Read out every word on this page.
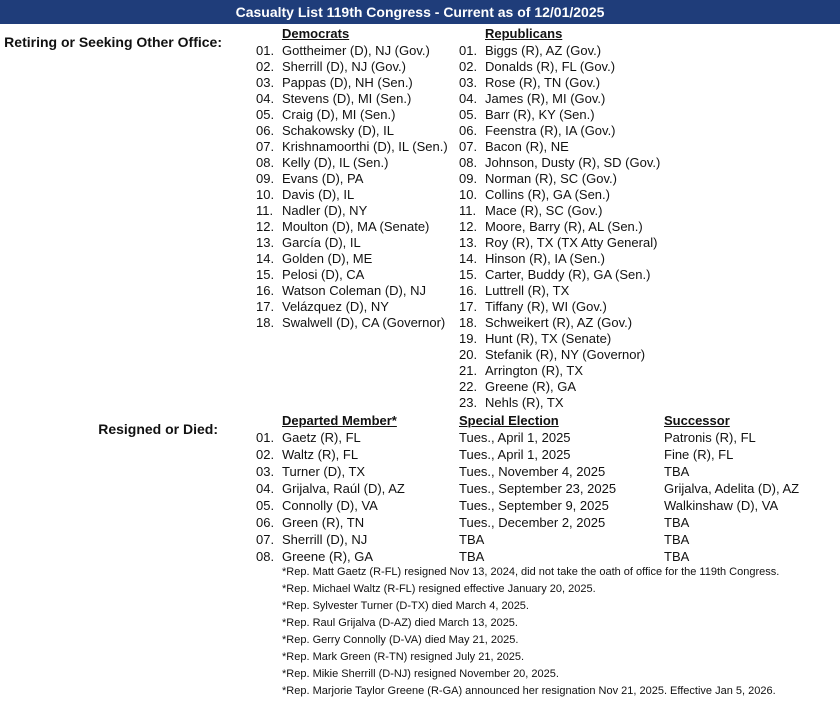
Casualty List 119th Congress - Current as of 12/01/2025
Retiring or Seeking Other Office:
Democrats	Republicans
01. Gottheimer (D), NJ (Gov.)
02. Sherrill (D), NJ (Gov.)
03. Pappas (D), NH (Sen.)
04. Stevens (D), MI (Sen.)
05. Craig (D), MI (Sen.)
06. Schakowsky (D), IL
07. Krishnamoorthi (D), IL (Sen.)
08. Kelly (D), IL (Sen.)
09. Evans (D), PA
10. Davis (D), IL
11. Nadler (D), NY
12. Moulton (D), MA (Senate)
13. García (D), IL
14. Golden (D), ME
15. Pelosi (D), CA
16. Watson Coleman (D), NJ
17. Velázquez (D), NY
18. Swalwell (D), CA (Governor)
01. Biggs (R), AZ (Gov.)
02. Donalds (R), FL (Gov.)
03. Rose (R), TN (Gov.)
04. James (R), MI (Gov.)
05. Barr (R), KY (Sen.)
06. Feenstra (R), IA (Gov.)
07. Bacon (R), NE
08. Johnson, Dusty (R), SD (Gov.)
09. Norman (R), SC (Gov.)
10. Collins (R), GA (Sen.)
11. Mace (R), SC (Gov.)
12. Moore, Barry (R), AL (Sen.)
13. Roy (R), TX (TX Atty General)
14. Hinson (R), IA (Sen.)
15. Carter, Buddy (R), GA (Sen.)
16. Luttrell (R), TX
17. Tiffany (R), WI (Gov.)
18. Schweikert (R), AZ (Gov.)
19. Hunt (R), TX (Senate)
20. Stefanik (R), NY (Governor)
21. Arrington (R), TX
22. Greene (R), GA
23. Nehls (R), TX
Resigned or Died:
Departed Member*	Special Election	Successor
01. Gaetz (R), FL	Tues., April 1, 2025	Patronis (R), FL
02. Waltz (R), FL	Tues., April 1, 2025	Fine (R), FL
03. Turner (D), TX	Tues., November 4, 2025	TBA
04. Grijalva, Raúl (D), AZ	Tues., September 23, 2025	Grijalva, Adelita (D), AZ
05. Connolly (D), VA	Tues., September 9, 2025	Walkinshaw (D), VA
06. Green (R), TN	Tues., December 2, 2025	TBA
07. Sherrill (D), NJ	TBA	TBA
08. Greene (R), GA	TBA	TBA
*Rep. Matt Gaetz (R-FL) resigned Nov 13, 2024, did not take the oath of office for the 119th Congress.
*Rep. Michael Waltz (R-FL) resigned effective January 20, 2025.
*Rep. Sylvester Turner (D-TX) died March 4, 2025.
*Rep. Raul Grijalva (D-AZ) died March 13, 2025.
*Rep. Gerry Connolly (D-VA) died May 21, 2025.
*Rep. Mark Green (R-TN) resigned July 21, 2025.
*Rep. Mikie Sherrill (D-NJ) resigned November 20, 2025.
*Rep. Marjorie Taylor Greene (R-GA) announced her resignation Nov 21, 2025. Effective Jan 5, 2026.
